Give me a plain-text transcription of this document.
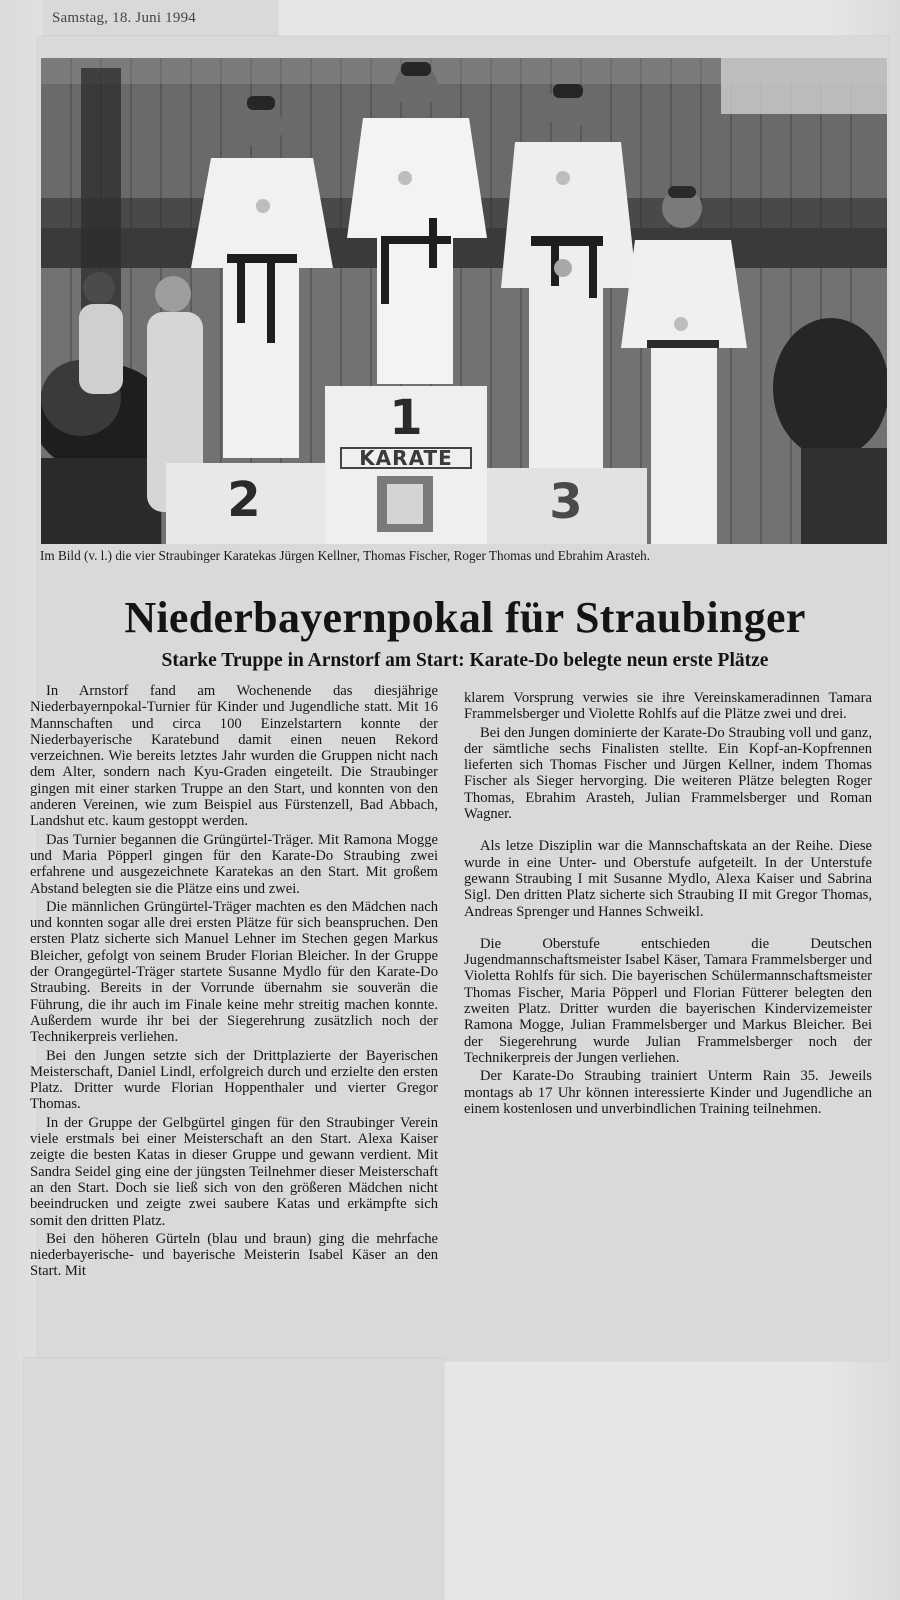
Samstag, 18. Juni 1994
2
1
3
KARATE
Im Bild (v. l.) die vier Straubinger Karatekas Jürgen Kellner, Thomas Fischer, Roger Thomas und Ebrahim Arasteh.
Niederbayernpokal für Straubinger
Starke Truppe in Arnstorf am Start: Karate-Do belegte neun erste Plätze

In Arnstorf fand am Wochenende das diesjährige Niederbayernpokal-Turnier für Kinder und Jugendliche statt. Mit 16 Mannschaften und circa 100 Einzelstartern konnte der Niederbayerische Karatebund damit einen neuen Rekord verzeichnen. Wie bereits letztes Jahr wurden die Gruppen nicht nach dem Alter, sondern nach Kyu-Graden eingeteilt. Die Straubinger gingen mit einer starken Truppe an den Start, und konnten von den anderen Vereinen, wie zum Beispiel aus Fürstenzell, Bad Abbach, Landshut etc. kaum gestoppt werden.

Das Turnier begannen die Grüngürtel-Träger. Mit Ramona Mogge und Maria Pöpperl gingen für den Karate-Do Straubing zwei erfahrene und ausgezeichnete Karatekas an den Start. Mit großem Abstand belegten sie die Plätze eins und zwei.

Die männlichen Grüngürtel-Träger machten es den Mädchen nach und konnten sogar alle drei ersten Plätze für sich beanspruchen. Den ersten Platz sicherte sich Manuel Lehner im Stechen gegen Markus Bleicher, gefolgt von seinem Bruder Florian Bleicher. In der Gruppe der Orangegürtel-Träger startete Susanne Mydlo für den Karate-Do Straubing. Bereits in der Vorrunde übernahm sie souverän die Führung, die ihr auch im Finale keine mehr streitig machen konnte. Außerdem wurde ihr bei der Siegerehrung zusätzlich noch der Technikerpreis verliehen.

Bei den Jungen setzte sich der Drittplazierte der Bayerischen Meisterschaft, Daniel Lindl, erfolgreich durch und erzielte den ersten Platz. Dritter wurde Florian Hoppenthaler und vierter Gregor Thomas.

In der Gruppe der Gelbgürtel gingen für den Straubinger Verein viele erstmals bei einer Meisterschaft an den Start. Alexa Kaiser zeigte die besten Katas in dieser Gruppe und gewann verdient. Mit Sandra Seidel ging eine der jüngsten Teilnehmer dieser Meisterschaft an den Start. Doch sie ließ sich von den größeren Mädchen nicht beeindrucken und zeigte zwei saubere Katas und erkämpfte sich somit den dritten Platz.

Bei den höheren Gürteln (blau und braun) ging die mehrfache niederbayerische- und bayerische Meisterin Isabel Käser an den Start. Mit

klarem Vorsprung verwies sie ihre Vereinskameradinnen Tamara Frammelsberger und Violette Rohlfs auf die Plätze zwei und drei.

Bei den Jungen dominierte der Karate-Do Straubing voll und ganz, der sämtliche sechs Finalisten stellte. Ein Kopf-an-Kopfrennen lieferten sich Thomas Fischer und Jürgen Kellner, indem Thomas Fischer als Sieger hervorging. Die weiteren Plätze belegten Roger Thomas, Ebrahim Arasteh, Julian Frammelsberger und Roman Wagner.

Als letze Disziplin war die Mannschaftskata an der Reihe. Diese wurde in eine Unter- und Oberstufe aufgeteilt. In der Unterstufe gewann Straubing I mit Susanne Mydlo, Alexa Kaiser und Sabrina Sigl. Den dritten Platz sicherte sich Straubing II mit Gregor Thomas, Andreas Sprenger und Hannes Schweikl.

Die Oberstufe entschieden die Deutschen Jugendmannschaftsmeister Isabel Käser, Tamara Frammelsberger und Violetta Rohlfs für sich. Die bayerischen Schülermannschaftsmeister Thomas Fischer, Maria Pöpperl und Florian Fütterer belegten den zweiten Platz. Dritter wurden die bayerischen Kindervizemeister Ramona Mogge, Julian Frammelsberger und Markus Bleicher. Bei der Siegerehrung wurde Julian Frammelsberger noch der Technikerpreis der Jungen verliehen.

Der Karate-Do Straubing trainiert Unterm Rain 35. Jeweils montags ab 17 Uhr können interessierte Kinder und Jugendliche an einem kostenlosen und unverbindlichen Training teilnehmen.
